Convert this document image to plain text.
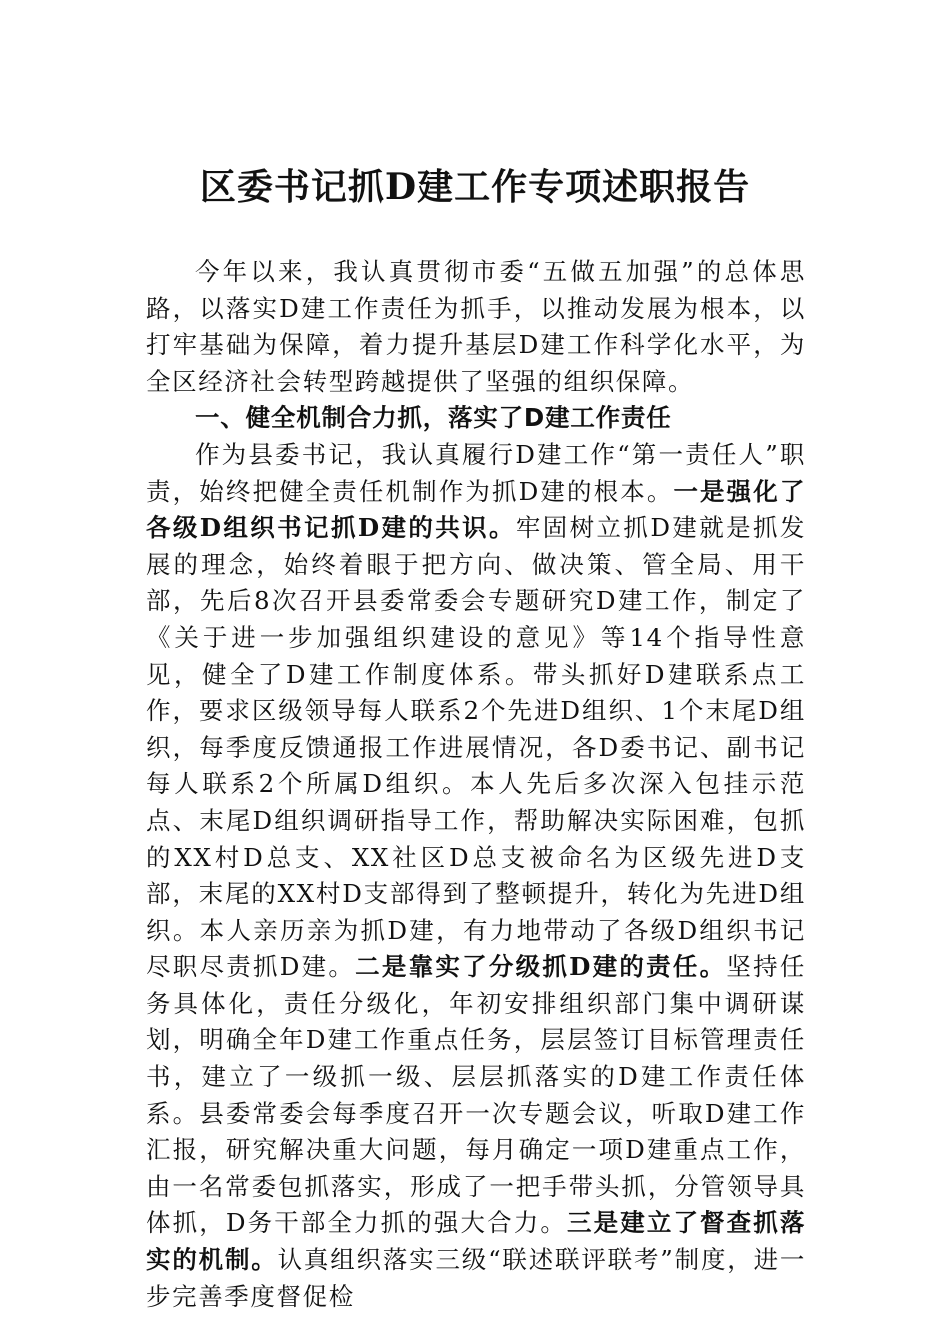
区委书记抓D建工作专项述职报告

今年以来，我认真贯彻市委“五做五加强”的总体思路，以落实D建工作责任为抓手，以推动发展为根本，以打牢基础为保障，着力提升基层D建工作科学化水平，为全区经济社会转型跨越提供了坚强的组织保障。

一、健全机制合力抓，落实了D建工作责任

作为县委书记，我认真履行D建工作“第一责任人”职责，始终把健全责任机制作为抓D建的根本。一是强化了各级D组织书记抓D建的共识。牢固树立抓D建就是抓发展的理念，始终着眼于把方向、做决策、管全局、用干部，先后8次召开县委常委会专题研究D建工作，制定了《关于进一步加强组织建设的意见》等14个指导性意见，健全了D建工作制度体系。带头抓好D建联系点工作，要求区级领导每人联系2个先进D组织、1个末尾D组织，每季度反馈通报工作进展情况，各D委书记、副书记每人联系2个所属D组织。本人先后多次深入包挂示范点、末尾D组织调研指导工作，帮助解决实际困难，包抓的XX村D总支、XX社区D总支被命名为区级先进D支部，末尾的XX村D支部得到了整顿提升，转化为先进D组织。本人亲历亲为抓D建，有力地带动了各级D组织书记尽职尽责抓D建。二是靠实了分级抓D建的责任。坚持任务具体化，责任分级化，年初安排组织部门集中调研谋划，明确全年D建工作重点任务，层层签订目标管理责任书，建立了一级抓一级、层层抓落实的D建工作责任体系。县委常委会每季度召开一次专题会议，听取D建工作汇报，研究解决重大问题，每月确定一项D建重点工作，由一名常委包抓落实，形成了一把手带头抓，分管领导具体抓，D务干部全力抓的强大合力。三是建立了督查抓落实的机制。认真组织落实三级“联述联评联考”制度，进一步完善季度督促检
